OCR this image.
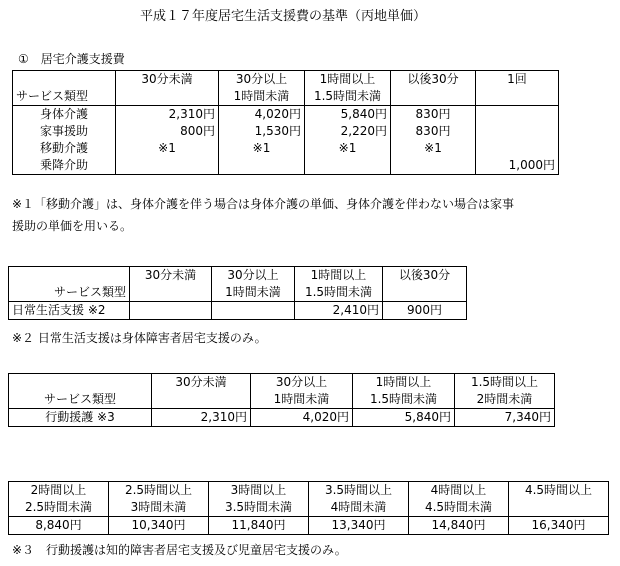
平成１７年度居宅生活支援費の基準（丙地単価）
①　居宅介護支援費
	30分未満	30分以上	1時間以上	以後30分	1回
サービス類型		1時間未満	1.5時間未満		
身体介護	2,310円	4,020円	5,840円	830円	
家事援助	800円	1,530円	2,220円	830円	
移動介護	※1	※1	※1	※1	
乗降介助					1,000円
※１「移動介護」は、身体介護を伴う場合は身体介護の単価、身体介護を伴わない場合は家事
援助の単価を用いる。
	30分未満	30分以上	1時間以上	以後30分
サービス類型		1時間未満	1.5時間未満	
日常生活支援 ※2			2,410円	900円
※２ 日常生活支援は身体障害者居宅支援のみ。
	30分未満	30分以上	1時間以上	1.5時間以上
サービス類型		1時間未満	1.5時間未満	2時間未満
行動援護 ※3	2,310円	4,020円	5,840円	7,340円
2時間以上	2.5時間以上	3時間以上	3.5時間以上	4時間以上	4.5時間以上
2.5時間未満	3時間未満	3.5時間未満	4時間未満	4.5時間未満	
8,840円	10,340円	11,840円	13,340円	14,840円	16,340円
※３　行動援護は知的障害者居宅支援及び児童居宅支援のみ。
